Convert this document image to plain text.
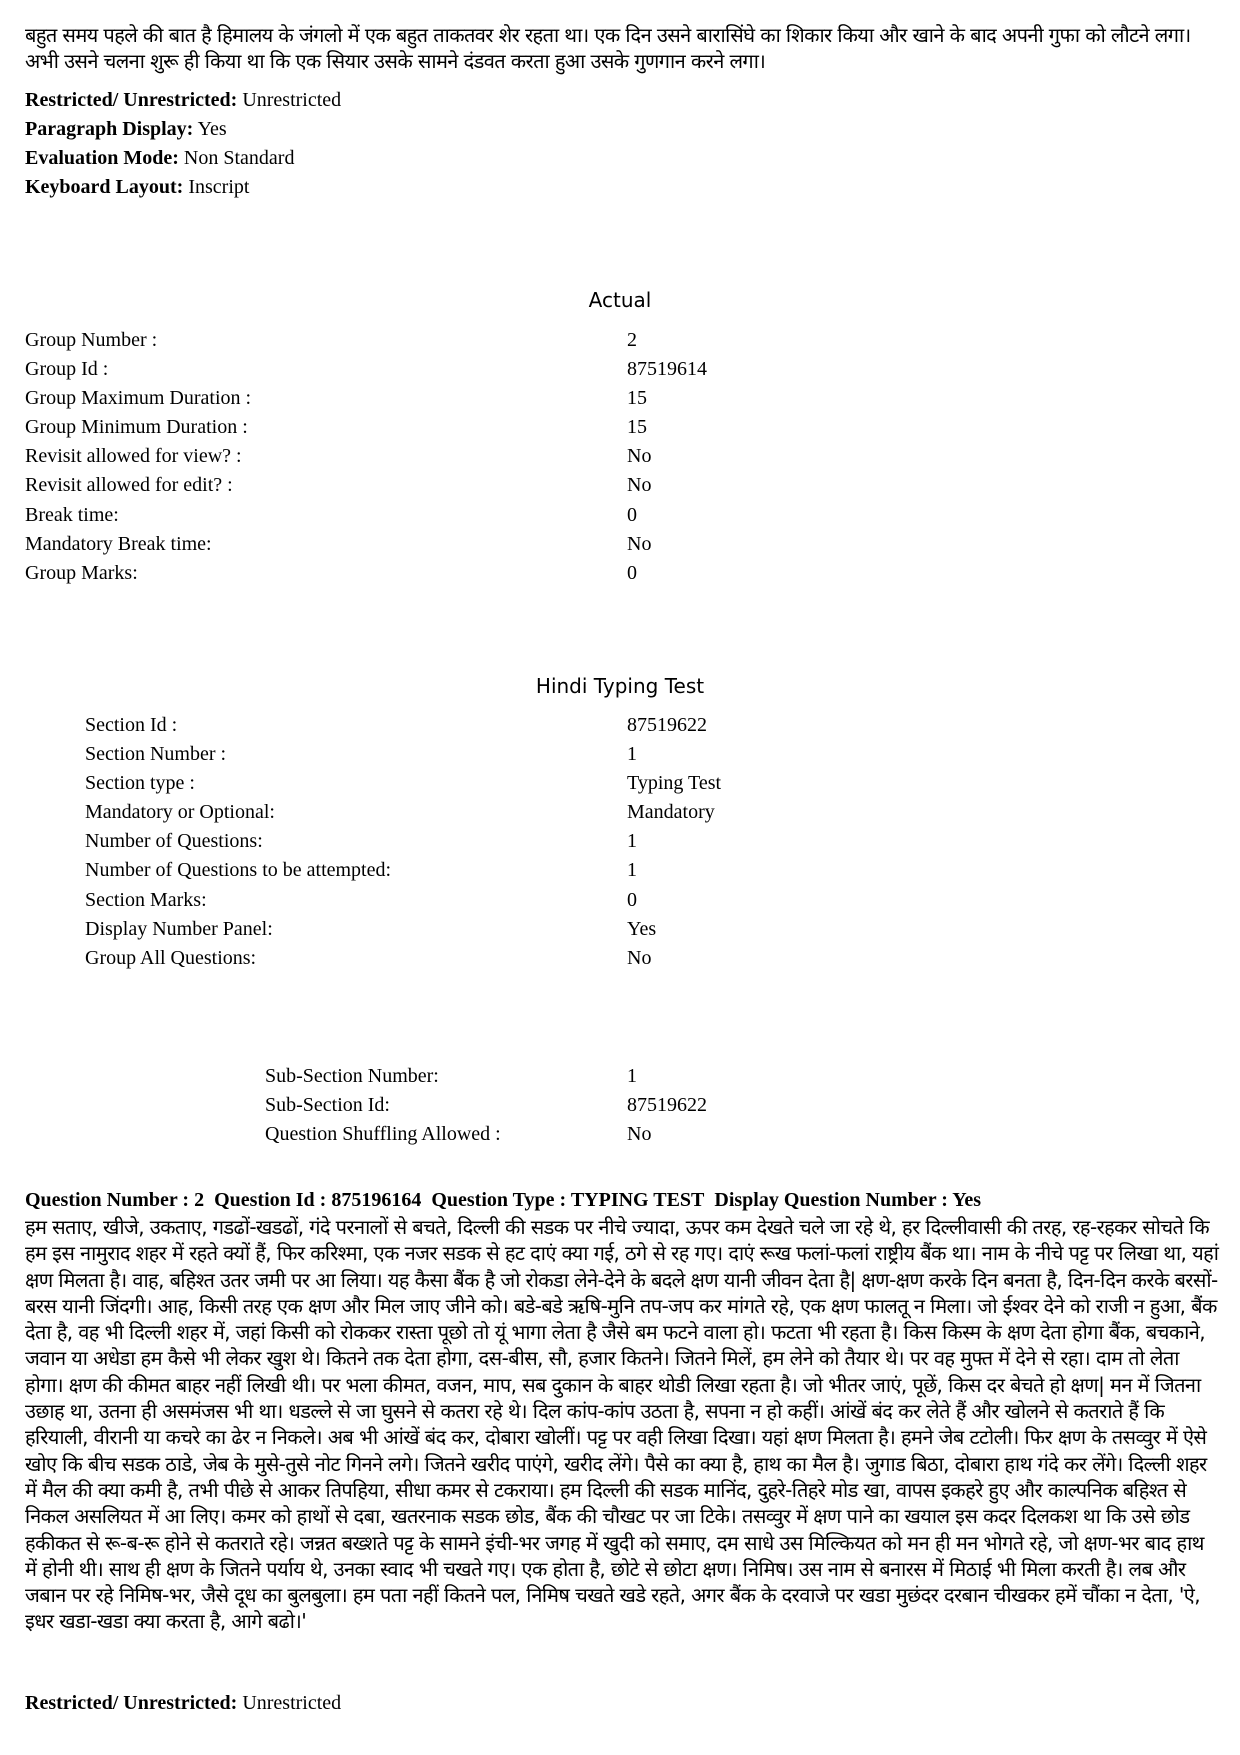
बहुत समय पहले की बात है हिमालय के जंगलो में एक बहुत ताकतवर शेर रहता था। एक दिन उसने बारासिंघे का शिकार किया और खाने के बाद अपनी गुफा को लौटने लगा। अभी उसने चलना शुरू ही किया था कि एक सियार उसके सामने दंडवत करता हुआ उसके गुणगान करने लगा।
Restricted/ Unrestricted: Unrestricted
Paragraph Display: Yes
Evaluation Mode: Non Standard
Keyboard Layout: Inscript
Actual
Group Number :	2
Group Id :	87519614
Group Maximum Duration :	15
Group Minimum Duration :	15
Revisit allowed for view? :	No
Revisit allowed for edit? :	No
Break time:	0
Mandatory Break time:	No
Group Marks:	0
Hindi Typing Test
Section Id :	87519622
Section Number :	1
Section type :	Typing Test
Mandatory or Optional:	Mandatory
Number of Questions:	1
Number of Questions to be attempted:	1
Section Marks:	0
Display Number Panel:	Yes
Group All Questions:	No
Sub-Section Number:	1
Sub-Section Id:	87519622
Question Shuffling Allowed :	No
Question Number : 2 Question Id : 875196164 Question Type : TYPING TEST Display Question Number : Yes
हम सताए, खीजे, उकताए, गडढों-खडढों, गंदे परनालों से बचते, दिल्ली की सडक पर नीचे ज्यादा, ऊपर कम देखते चले जा रहे थे, हर दिल्लीवासी की तरह, रह-रहकर सोचते कि हम इस नामुराद शहर में रहते क्यों हैं, फिर करिश्मा, एक नजर सडक से हट दाएं क्या गई, ठगे से रह गए। दाएं रूख फलां-फलां राष्ट्रीय बैंक था। नाम के नीचे पट्ट पर लिखा था, यहां क्षण मिलता है। वाह, बहिश्त उतर जमी पर आ लिया। यह कैसा बैंक है जो रोकडा लेने-देने के बदले क्षण यानी जीवन देता है| क्षण-क्षण करके दिन बनता है, दिन-दिन करके बरसों-बरस यानी जिंदगी। आह, किसी तरह एक क्षण और मिल जाए जीने को। बडे-बडे ऋषि-मुनि तप-जप कर मांगते रहे, एक क्षण फालतू न मिला। जो ईश्वर देने को राजी न हुआ, बैंक देता है, वह भी दिल्ली शहर में, जहां किसी को रोककर रास्ता पूछो तो यूं भागा लेता है जैसे बम फटने वाला हो। फटता भी रहता है। किस किस्म के क्षण देता होगा बैंक, बचकाने, जवान या अधेडा हम कैसे भी लेकर खुश थे। कितने तक देता होगा, दस-बीस, सौ, हजार कितने। जितने मिलें, हम लेने को तैयार थे। पर वह मुफ्त में देने से रहा। दाम तो लेता होगा। क्षण की कीमत बाहर नहीं लिखी थी। पर भला कीमत, वजन, माप, सब दुकान के बाहर थोडी लिखा रहता है। जो भीतर जाएं, पूछें, किस दर बेचते हो क्षण| मन में जितना उछाह था, उतना ही असमंजस भी था। धडल्ले से जा घुसने से कतरा रहे थे। दिल कांप-कांप उठता है, सपना न हो कहीं। आंखें बंद कर लेते हैं और खोलने से कतराते हैं कि हरियाली, वीरानी या कचरे का ढेर न निकले। अब भी आंखें बंद कर, दोबारा खोलीं। पट्ट पर वही लिखा दिखा। यहां क्षण मिलता है। हमने जेब टटोली। फिर क्षण के तसव्वुर में ऐसे खोए कि बीच सडक ठाडे, जेब के मुसे-तुसे नोट गिनने लगे। जितने खरीद पाएंगे, खरीद लेंगे। पैसे का क्या है, हाथ का मैल है। जुगाड बिठा, दोबारा हाथ गंदे कर लेंगे। दिल्ली शहर में मैल की क्या कमी है, तभी पीछे से आकर तिपहिया, सीधा कमर से टकराया। हम दिल्ली की सडक मानिंद, दुहरे-तिहरे मोड खा, वापस इकहरे हुए और काल्पनिक बहिश्त से निकल असलियत में आ लिए। कमर को हाथों से दबा, खतरनाक सडक छोड, बैंक की चौखट पर जा टिके। तसव्वुर में क्षण पाने का खयाल इस कदर दिलकश था कि उसे छोड हकीकत से रू-ब-रू होने से कतराते रहे। जन्नत बख्शते पट्ट के सामने इंची-भर जगह में खुदी को समाए, दम साधे उस मिल्कियत को मन ही मन भोगते रहे, जो क्षण-भर बाद हाथ में होनी थी। साथ ही क्षण के जितने पर्याय थे, उनका स्वाद भी चखते गए। एक होता है, छोटे से छोटा क्षण। निमिष। उस नाम से बनारस में मिठाई भी मिला करती है। लब और जबान पर रहे निमिष-भर, जैसे दूध का बुलबुला। हम पता नहीं कितने पल, निमिष चखते खडे रहते, अगर बैंक के दरवाजे पर खडा मुछंदर दरबान चीखकर हमें चौंका न देता, 'ऐ, इधर खडा-खडा क्या करता है, आगे बढो।'
Restricted/ Unrestricted: Unrestricted
